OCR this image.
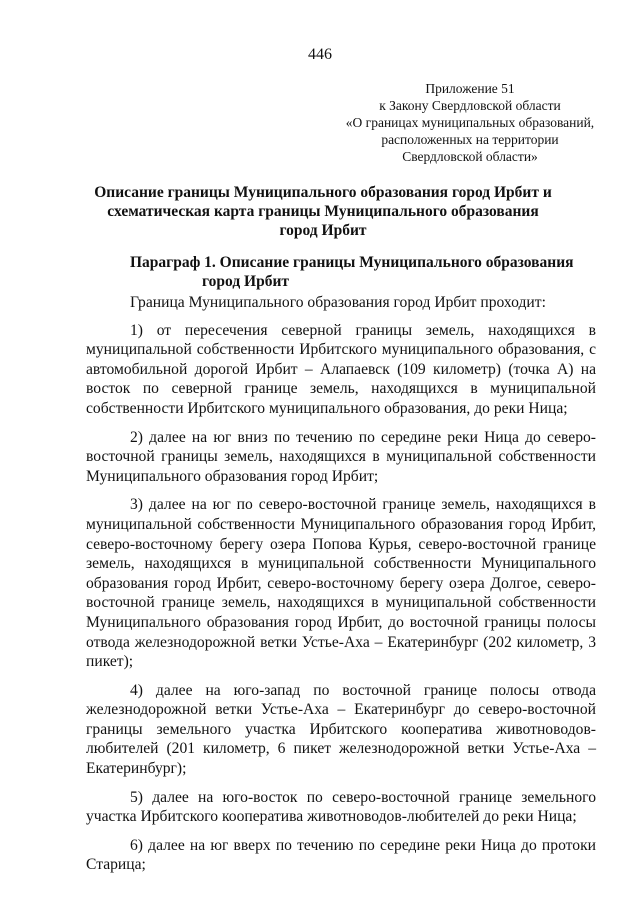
446
Приложение 51
к Закону Свердловской области
«О границах муниципальных образований,
расположенных на территории
Свердловской области»
Описание границы Муниципального образования город Ирбит и
схематическая карта границы Муниципального образования
город Ирбит
Параграф 1. Описание границы Муниципального образования
город Ирбит

Граница Муниципального образования город Ирбит проходит:

1) от пересечения северной границы земель, находящихся в муниципальной собственности Ирбитского муниципального образования, с автомобильной дорогой Ирбит – Алапаевск (109 километр) (точка А) на восток по северной границе земель, находящихся в муниципальной собственности Ирбитского муниципального образования, до реки Ница;

2) далее на юг вниз по течению по середине реки Ница до северо-восточной границы земель, находящихся в муниципальной собственности Муниципального образования город Ирбит;

3) далее на юг по северо-восточной границе земель, находящихся в муниципальной собственности Муниципального образования город Ирбит, северо-восточному берегу озера Попова Курья, северо-восточной границе земель, находящихся в муниципальной собственности Муниципального образования город Ирбит, северо-восточному берегу озера Долгое, северо-восточной границе земель, находящихся в муниципальной собственности Муниципального образования город Ирбит, до восточной границы полосы отвода железнодорожной ветки Устье-Аха – Екатеринбург (202 километр, 3 пикет);

4) далее на юго-запад по восточной границе полосы отвода железнодорожной ветки Устье-Аха – Екатеринбург до северо-восточной границы земельного участка Ирбитского кооператива животноводов-любителей (201 километр, 6 пикет железнодорожной ветки Устье-Аха – Екатеринбург);

5) далее на юго-восток по северо-восточной границе земельного участка Ирбитского кооператива животноводов-любителей до реки Ница;

6) далее на юг вверх по течению по середине реки Ница до протоки Старица;
